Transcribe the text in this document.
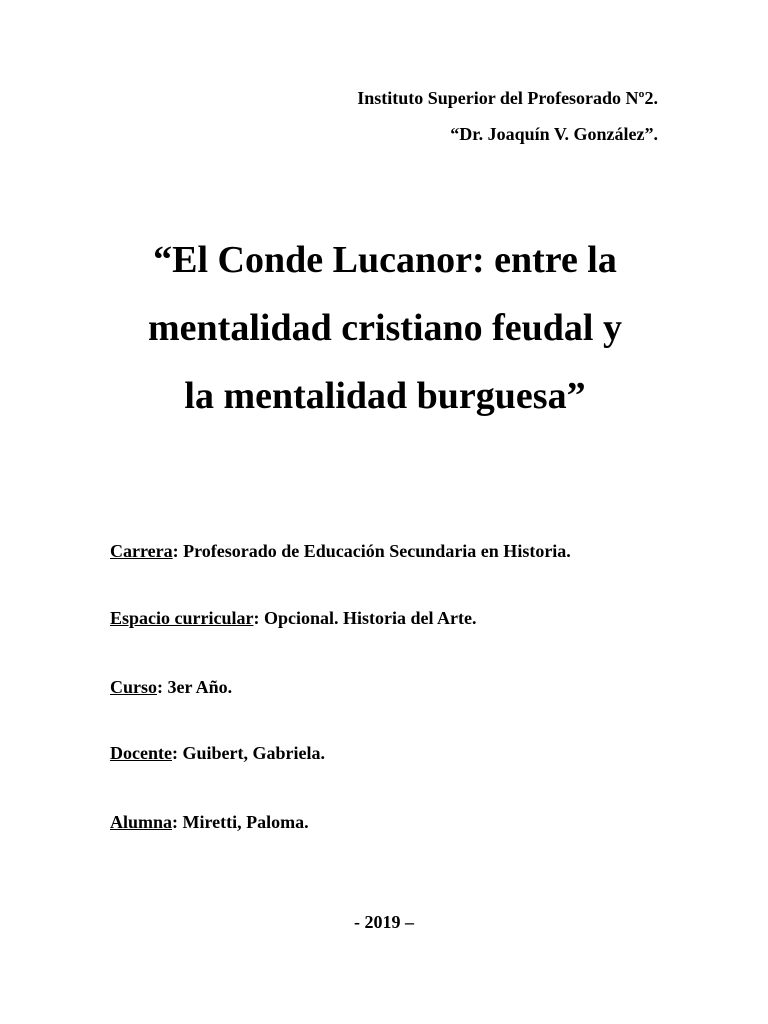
Instituto Superior del Profesorado Nº2.
“Dr. Joaquín V. González”.
“El Conde Lucanor: entre la
mentalidad cristiano feudal y
la mentalidad burguesa”
Carrera: Profesorado de Educación Secundaria en Historia.
Espacio curricular: Opcional. Historia del Arte.
Curso: 3er Año.
Docente: Guibert, Gabriela.
Alumna: Miretti, Paloma.
- 2019 –
